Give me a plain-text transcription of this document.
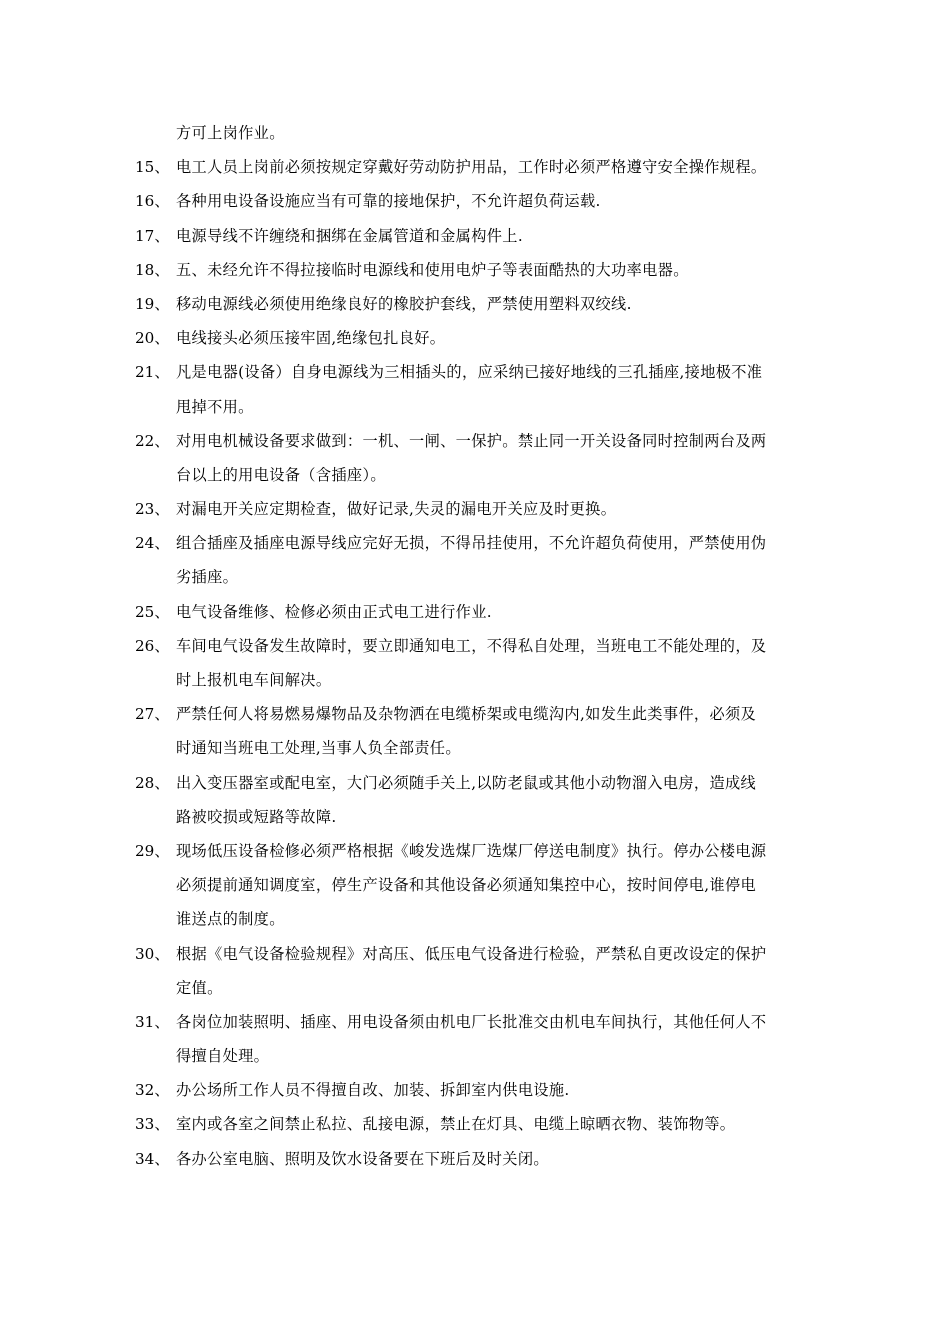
方可上岗作业。
15、 电工人员上岗前必须按规定穿戴好劳动防护用品，工作时必须严格遵守安全操作规程。
16、 各种用电设备设施应当有可靠的接地保护，不允许超负荷运载.
17、 电源导线不许缠绕和捆绑在金属管道和金属构件上.
18、 五、未经允许不得拉接临时电源线和使用电炉子等表面酷热的大功率电器。
19、 移动电源线必须使用绝缘良好的橡胶护套线，严禁使用塑料双绞线.
20、 电线接头必须压接牢固,绝缘包扎良好。
21、 凡是电器(设备）自身电源线为三相插头的，应采纳已接好地线的三孔插座,接地极不准
甩掉不用。
22、 对用电机械设备要求做到：一机、一闸、一保护。禁止同一开关设备同时控制两台及两
台以上的用电设备（含插座）。
23、 对漏电开关应定期检查，做好记录,失灵的漏电开关应及时更换。
24、 组合插座及插座电源导线应完好无损，不得吊挂使用，不允许超负荷使用，严禁使用伪
劣插座。
25、 电气设备维修、检修必须由正式电工进行作业.
26、 车间电气设备发生故障时，要立即通知电工，不得私自处理，当班电工不能处理的，及
时上报机电车间解决。
27、 严禁任何人将易燃易爆物品及杂物洒在电缆桥架或电缆沟内,如发生此类事件，必须及
时通知当班电工处理,当事人负全部责任。
28、 出入变压器室或配电室，大门必须随手关上,以防老鼠或其他小动物溜入电房，造成线
路被咬损或短路等故障.
29、 现场低压设备检修必须严格根据《峻发选煤厂选煤厂停送电制度》执行。停办公楼电源
必须提前通知调度室，停生产设备和其他设备必须通知集控中心，按时间停电,谁停电
谁送点的制度。
30、 根据《电气设备检验规程》对高压、低压电气设备进行检验，严禁私自更改设定的保护
定值。
31、 各岗位加装照明、插座、用电设备须由机电厂长批准交由机电车间执行，其他任何人不
得擅自处理。
32、 办公场所工作人员不得擅自改、加装、拆卸室内供电设施.
33、 室内或各室之间禁止私拉、乱接电源，禁止在灯具、电缆上晾晒衣物、装饰物等。
34、 各办公室电脑、照明及饮水设备要在下班后及时关闭。
